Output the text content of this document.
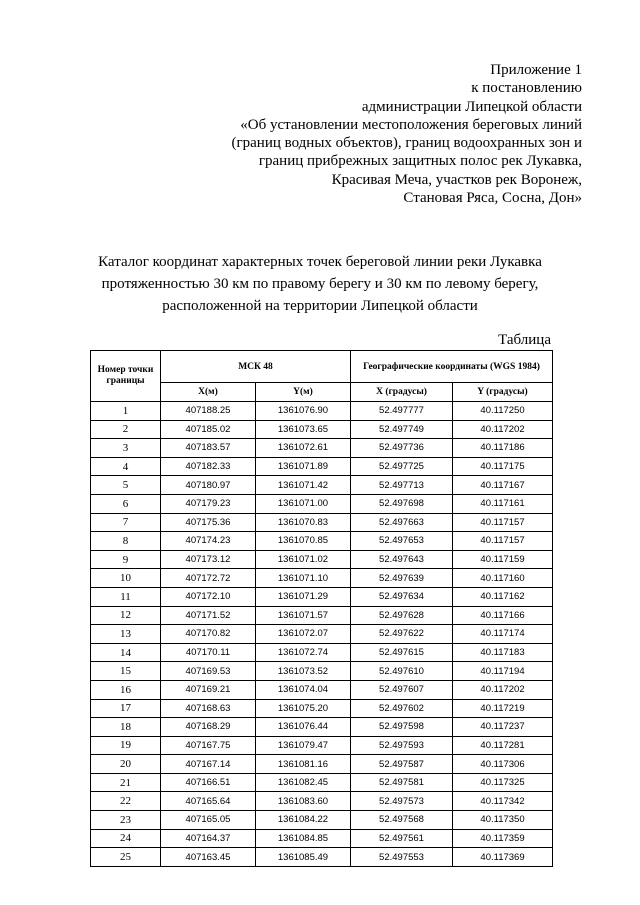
Приложение 1
к постановлению
администрации Липецкой области
«Об установлении местоположения береговых линий
(границ водных объектов), границ водоохранных зон и
границ прибрежных защитных полос рек Лукавка,
Красивая Меча, участков рек Воронеж,
Становая Ряса, Сосна, Дон»
Каталог координат характерных точек береговой линии реки Лукавка
протяженностью 30 км по правому берегу и 30 км по левому берегу,
расположенной на территории Липецкой области
Таблица
Номер точки границы	МСК 48		Географические координаты (WGS 1984)	
	X(м)	Y(м)	X (градусы)	Y (градусы)
1	407188.25	1361076.90	52.497777	40.117250
2	407185.02	1361073.65	52.497749	40.117202
3	407183.57	1361072.61	52.497736	40.117186
4	407182.33	1361071.89	52.497725	40.117175
5	407180.97	1361071.42	52.497713	40.117167
6	407179.23	1361071.00	52.497698	40.117161
7	407175.36	1361070.83	52.497663	40.117157
8	407174.23	1361070.85	52.497653	40.117157
9	407173.12	1361071.02	52.497643	40.117159
10	407172.72	1361071.10	52.497639	40.117160
11	407172.10	1361071.29	52.497634	40.117162
12	407171.52	1361071.57	52.497628	40.117166
13	407170.82	1361072.07	52.497622	40.117174
14	407170.11	1361072.74	52.497615	40.117183
15	407169.53	1361073.52	52.497610	40.117194
16	407169.21	1361074.04	52.497607	40.117202
17	407168.63	1361075.20	52.497602	40.117219
18	407168.29	1361076.44	52.497598	40.117237
19	407167.75	1361079.47	52.497593	40.117281
20	407167.14	1361081.16	52.497587	40.117306
21	407166.51	1361082.45	52.497581	40.117325
22	407165.64	1361083.60	52.497573	40.117342
23	407165.05	1361084.22	52.497568	40.117350
24	407164.37	1361084.85	52.497561	40.117359
25	407163.45	1361085.49	52.497553	40.117369
